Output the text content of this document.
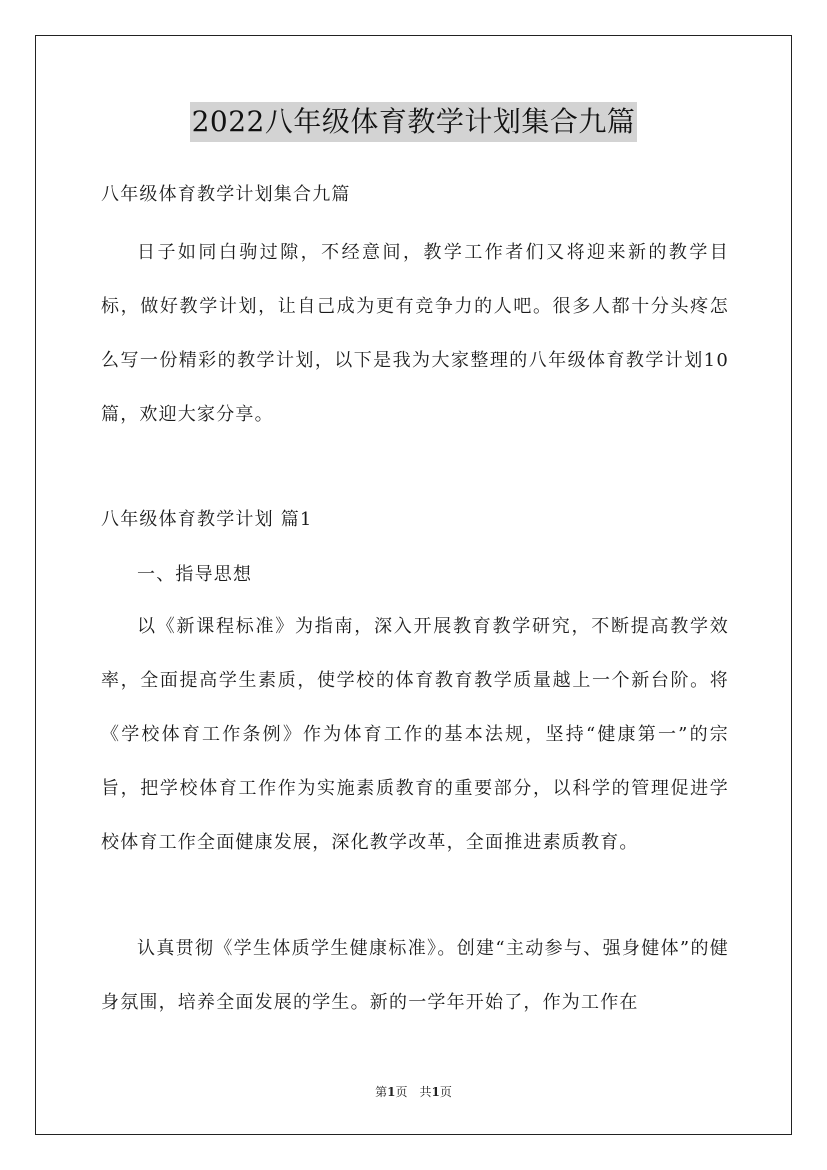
2022八年级体育教学计划集合九篇
八年级体育教学计划集合九篇

日子如同白驹过隙，不经意间，教学工作者们又将迎来新的教学目标，做好教学计划，让自己成为更有竞争力的人吧。很多人都十分头疼怎么写一份精彩的教学计划，以下是我为大家整理的八年级体育教学计划10篇，欢迎大家分享。

八年级体育教学计划 篇1
一、指导思想

以《新课程标准》为指南，深入开展教育教学研究，不断提高教学效率，全面提高学生素质，使学校的体育教育教学质量越上一个新台阶。将《学校体育工作条例》作为体育工作的基本法规，坚持“健康第一”的宗旨，把学校体育工作作为实施素质教育的重要部分，以科学的管理促进学校体育工作全面健康发展，深化教学改革，全面推进素质教育。

认真贯彻《学生体质学生健康标准》。创建“主动参与、强身健体”的健身氛围，培养全面发展的学生。新的一学年开始了，作为工作在

第1页　共1页
